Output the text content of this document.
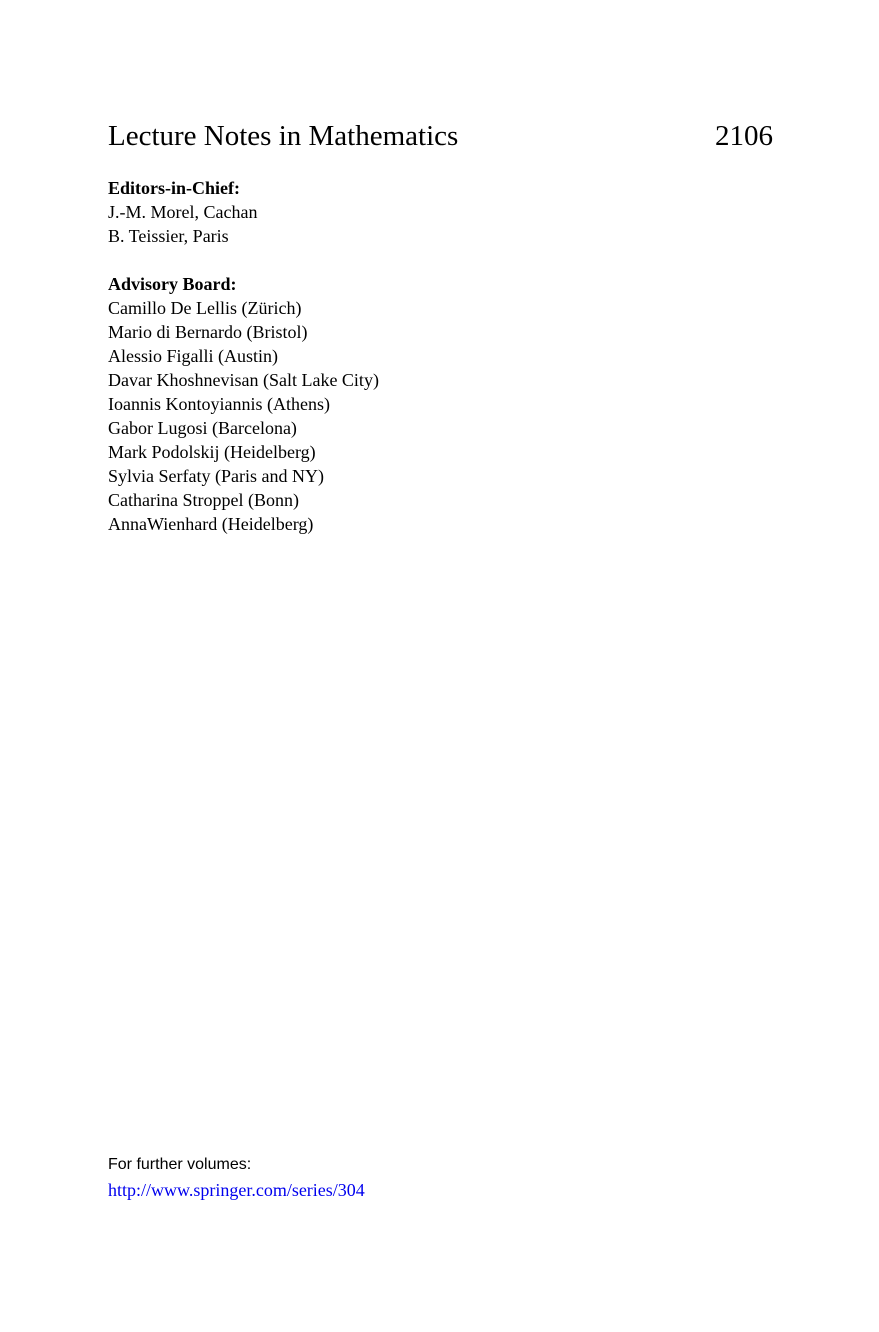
Lecture Notes in Mathematics	2106
Editors-in-Chief:
J.-M. Morel, Cachan
B. Teissier, Paris
Advisory Board:
Camillo De Lellis (Zürich)
Mario di Bernardo (Bristol)
Alessio Figalli (Austin)
Davar Khoshnevisan (Salt Lake City)
Ioannis Kontoyiannis (Athens)
Gabor Lugosi (Barcelona)
Mark Podolskij (Heidelberg)
Sylvia Serfaty (Paris and NY)
Catharina Stroppel (Bonn)
AnnaWienhard (Heidelberg)
For further volumes:
http://www.springer.com/series/304
